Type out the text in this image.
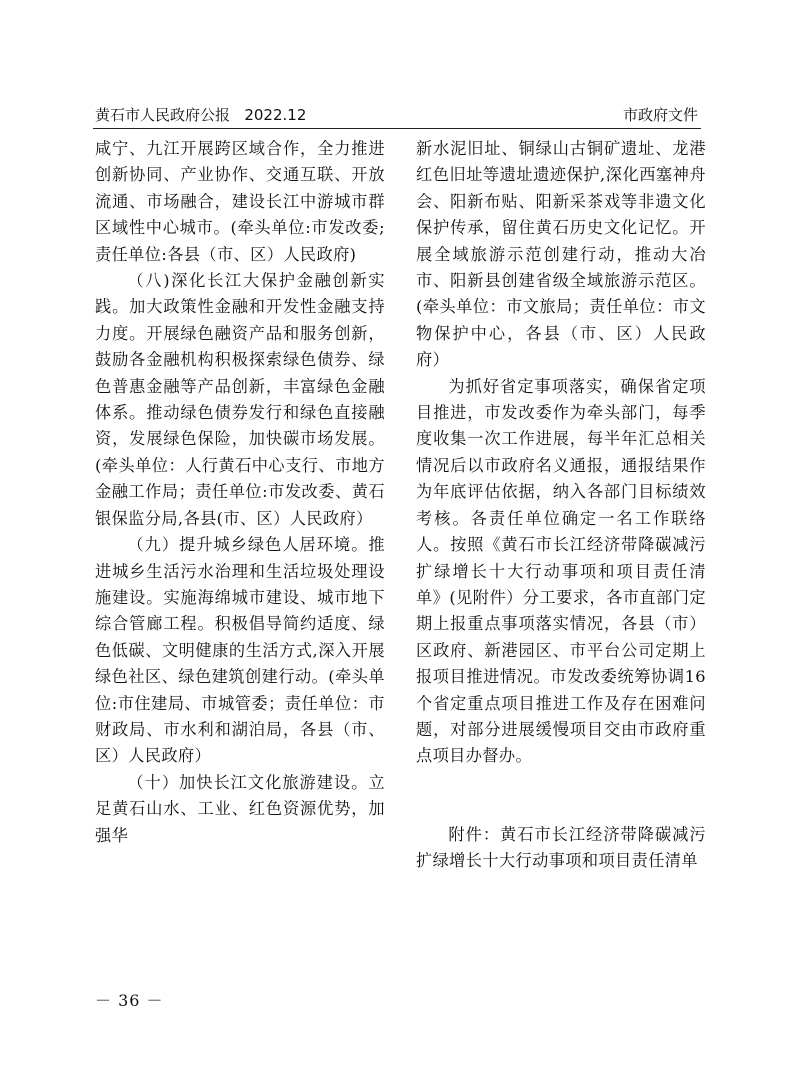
黄石市人民政府公报 2022.12	市政府文件

咸宁、九江开展跨区域合作，全力推进创新协同、产业协作、交通互联、开放流通、市场融合，建设长江中游城市群区域性中心城市。(牵头单位:市发改委;责任单位:各县（市、区）人民政府)

（八)深化长江大保护金融创新实践。加大政策性金融和开发性金融支持力度。开展绿色融资产品和服务创新，鼓励各金融机构积极探索绿色债券、绿色普惠金融等产品创新，丰富绿色金融体系。推动绿色债券发行和绿色直接融资，发展绿色保险，加快碳市场发展。(牵头单位：人行黄石中心支行、市地方金融工作局；责任单位:市发改委、黄石银保监分局,各县(市、区）人民政府）

（九）提升城乡绿色人居环境。推进城乡生活污水治理和生活垃圾处理设施建设。实施海绵城市建设、城市地下综合管廊工程。积极倡导简约适度、绿色低碳、文明健康的生活方式,深入开展绿色社区、绿色建筑创建行动。(牵头单位:市住建局、市城管委；责任单位：市财政局、市水利和湖泊局，各县（市、区）人民政府）

（十）加快长江文化旅游建设。立足黄石山水、工业、红色资源优势，加强华

新水泥旧址、铜绿山古铜矿遗址、龙港红色旧址等遗址遗迹保护,深化西塞神舟会、阳新布贴、阳新采茶戏等非遗文化保护传承，留住黄石历史文化记忆。开展全域旅游示范创建行动，推动大冶市、阳新县创建省级全域旅游示范区。(牵头单位：市文旅局；责任单位：市文物保护中心，各县（市、区）人民政府）

为抓好省定事项落实，确保省定项目推进，市发改委作为牵头部门，每季度收集一次工作进展，每半年汇总相关情况后以市政府名义通报，通报结果作为年底评估依据，纳入各部门目标绩效考核。各责任单位确定一名工作联络人。按照《黄石市长江经济带降碳减污扩绿增长十大行动事项和项目责任清单》(见附件）分工要求，各市直部门定期上报重点事项落实情况，各县（市）区政府、新港园区、市平台公司定期上报项目推进情况。市发改委统筹协调16个省定重点项目推进工作及存在困难问题，对部分进展缓慢项目交由市政府重点项目办督办。

附件：黄石市长江经济带降碳减污扩绿增长十大行动事项和项目责任清单

－ 36 －
